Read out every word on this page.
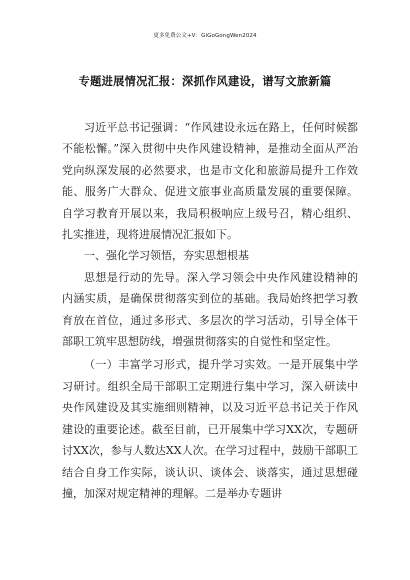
更多免费公文+V：GiGoGongWen2024
专题进展情况汇报：深抓作风建设，谱写文旅新篇

习近平总书记强调：“作风建设永远在路上，任何时候都不能松懈。”深入贯彻中央作风建设精神，是推动全面从严治党向纵深发展的必然要求，也是市文化和旅游局提升工作效能、服务广大群众、促进文旅事业高质量发展的重要保障。自学习教育开展以来，我局积极响应上级号召，精心组织、扎实推进，现将进展情况汇报如下。

一、强化学习领悟，夯实思想根基

思想是行动的先导。深入学习领会中央作风建设精神的内涵实质，是确保贯彻落实到位的基础。我局始终把学习教育放在首位，通过多形式、多层次的学习活动，引导全体干部职工筑牢思想防线，增强贯彻落实的自觉性和坚定性。

（一）丰富学习形式，提升学习实效。一是开展集中学习研讨。组织全局干部职工定期进行集中学习，深入研读中央作风建设及其实施细则精神，以及习近平总书记关于作风建设的重要论述。截至目前，已开展集中学习XX次，专题研讨XX次，参与人数达XX人次。在学习过程中，鼓励干部职工结合自身工作实际，谈认识、谈体会、谈落实，通过思想碰撞，加深对规定精神的理解。二是举办专题讲
